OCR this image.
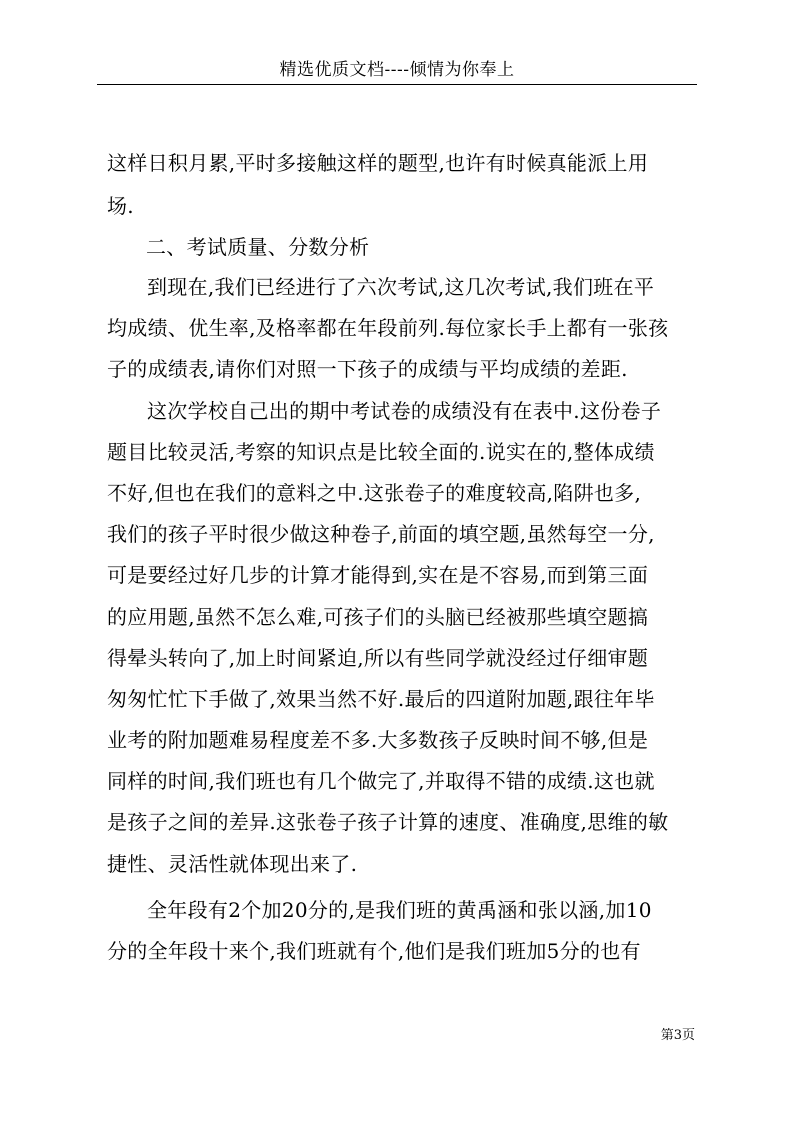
精选优质文档----倾情为你奉上

这样日积月累,平时多接触这样的题型,也许有时候真能派上用

场.

二、考试质量、分数分析

到现在,我们已经进行了六次考试,这几次考试,我们班在平

均成绩、优生率,及格率都在年段前列.每位家长手上都有一张孩

子的成绩表,请你们对照一下孩子的成绩与平均成绩的差距.

这次学校自己出的期中考试卷的成绩没有在表中.这份卷子

题目比较灵活,考察的知识点是比较全面的.说实在的,整体成绩

不好,但也在我们的意料之中.这张卷子的难度较高,陷阱也多,

我们的孩子平时很少做这种卷子,前面的填空题,虽然每空一分,

可是要经过好几步的计算才能得到,实在是不容易,而到第三面

的应用题,虽然不怎么难,可孩子们的头脑已经被那些填空题搞

得晕头转向了,加上时间紧迫,所以有些同学就没经过仔细审题

匆匆忙忙下手做了,效果当然不好.最后的四道附加题,跟往年毕

业考的附加题难易程度差不多.大多数孩子反映时间不够,但是

同样的时间,我们班也有几个做完了,并取得不错的成绩.这也就

是孩子之间的差异.这张卷子孩子计算的速度、准确度,思维的敏

捷性、灵活性就体现出来了.

全年段有2个加20分的,是我们班的黄禹涵和张以涵,加10

分的全年段十来个,我们班就有个,他们是我们班加5分的也有

第3页
